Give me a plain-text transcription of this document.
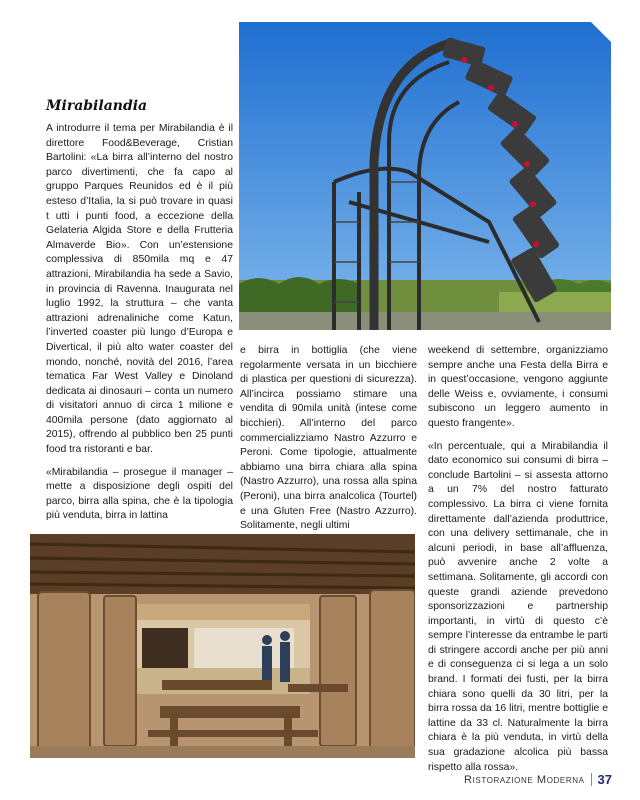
Mirabilandia

A introdurre il tema per Mirabilandia è il direttore Food&Beverage, Cristian Bartolini: «La birra all’interno del nostro parco divertimenti, che fa capo al gruppo Parques Reunidos ed è il più esteso d’Italia, la si può trovare in quasi t utti i punti food, a eccezione della Gelateria Algida Store e della Frutteria Almaverde Bio». Con un’estensione complessiva di 850mila mq e 47 attrazioni, Mirabilandia ha sede a Savio, in provincia di Ravenna. Inaugurata nel luglio 1992, la struttura – che vanta attrazioni adrenaliniche come Katun, l’inverted coaster più lungo d’Europa e Divertical, il più alto water coaster del mondo, nonché, novità del 2016, l’area tematica Far West Valley e Dinoland dedicata ai dinosauri – conta un numero di visitatori annuo di circa 1 milione e 400mila persone (dato aggiornato al 2015), offrendo al pubblico ben 25 punti food tra ristoranti e bar.

«Mirabilandia – prosegue il manager – mette a disposizione degli ospiti del parco, birra alla spina, che è la tipologia più venduta, birra in lattina

e birra in bottiglia (che viene regolarmente versata in un bicchiere di plastica per questioni di sicurezza). All’incirca possiamo stimare una vendita di 90mila unità (intese come bicchieri). All’interno del parco commercializziamo Nastro Azzurro e Peroni. Come tipologie, attualmente abbiamo una birra chiara alla spina (Nastro Azzurro), una rossa alla spina (Peroni), una birra analcolica (Tourtel) e una Gluten Free (Nastro Azzurro). Solitamente, negli ultimi

weekend di settembre, organizziamo sempre anche una Festa della Birra e in quest’occasione, vengono aggiunte delle Weiss e, ovviamente, i consumi subiscono un leggero aumento in questo frangente».

«In percentuale, qui a Mirabilandia il dato economico sui consumi di birra – conclude Bartolini – si assesta attorno a un 7% del nostro fatturato complessivo. La birra ci viene fornita direttamente dall’azienda produttrice, con una delivery settimanale, che in alcuni periodi, in base all’affluenza, può avvenire anche 2 volte a settimana. Solitamente, gli accordi con queste grandi aziende prevedono sponsorizzazioni e partnership importanti, in virtù di questo c’è sempre l’interesse da entrambe le parti di stringere accordi anche per più anni e di conseguenza ci si lega a un solo brand. I formati dei fusti, per la birra chiara sono quelli da 30 litri, per la birra rossa da 16 litri, mentre bottiglie e lattine da 33 cl. Naturalmente la birra chiara è la più venduta, in virtù della sua gradazione alcolica più bassa rispetto alla rossa».

Ristorazione Moderna 37
